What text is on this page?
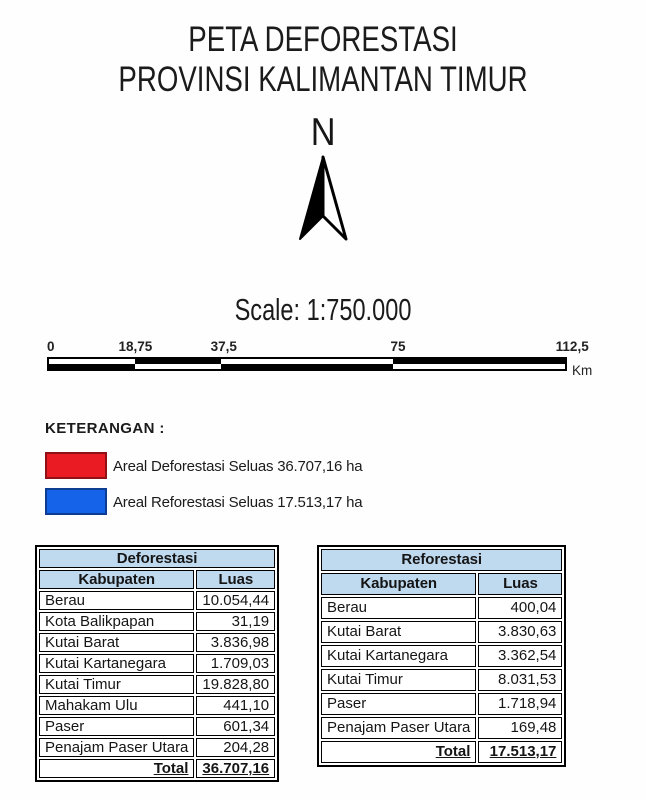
PETA DEFORESTASI
PROVINSI KALIMANTAN TIMUR
N
Scale: 1:750.000
0	18,75	37,5	75	112,5
Km
KETERANGAN :
Areal Deforestasi Seluas 36.707,16 ha
Areal Reforestasi Seluas 17.513,17 ha
Deforestasi	
Kabupaten	Luas
Berau	10.054,44
Kota Balikpapan	31,19
Kutai Barat	3.836,98
Kutai Kartanegara	1.709,03
Kutai Timur	19.828,80
Mahakam Ulu	441,10
Paser	601,34
Penajam Paser Utara	204,28
Total	36.707,16
Reforestasi	
Kabupaten	Luas
Berau	400,04
Kutai Barat	3.830,63
Kutai Kartanegara	3.362,54
Kutai Timur	8.031,53
Paser	1.718,94
Penajam Paser Utara	169,48
Total	17.513,17
